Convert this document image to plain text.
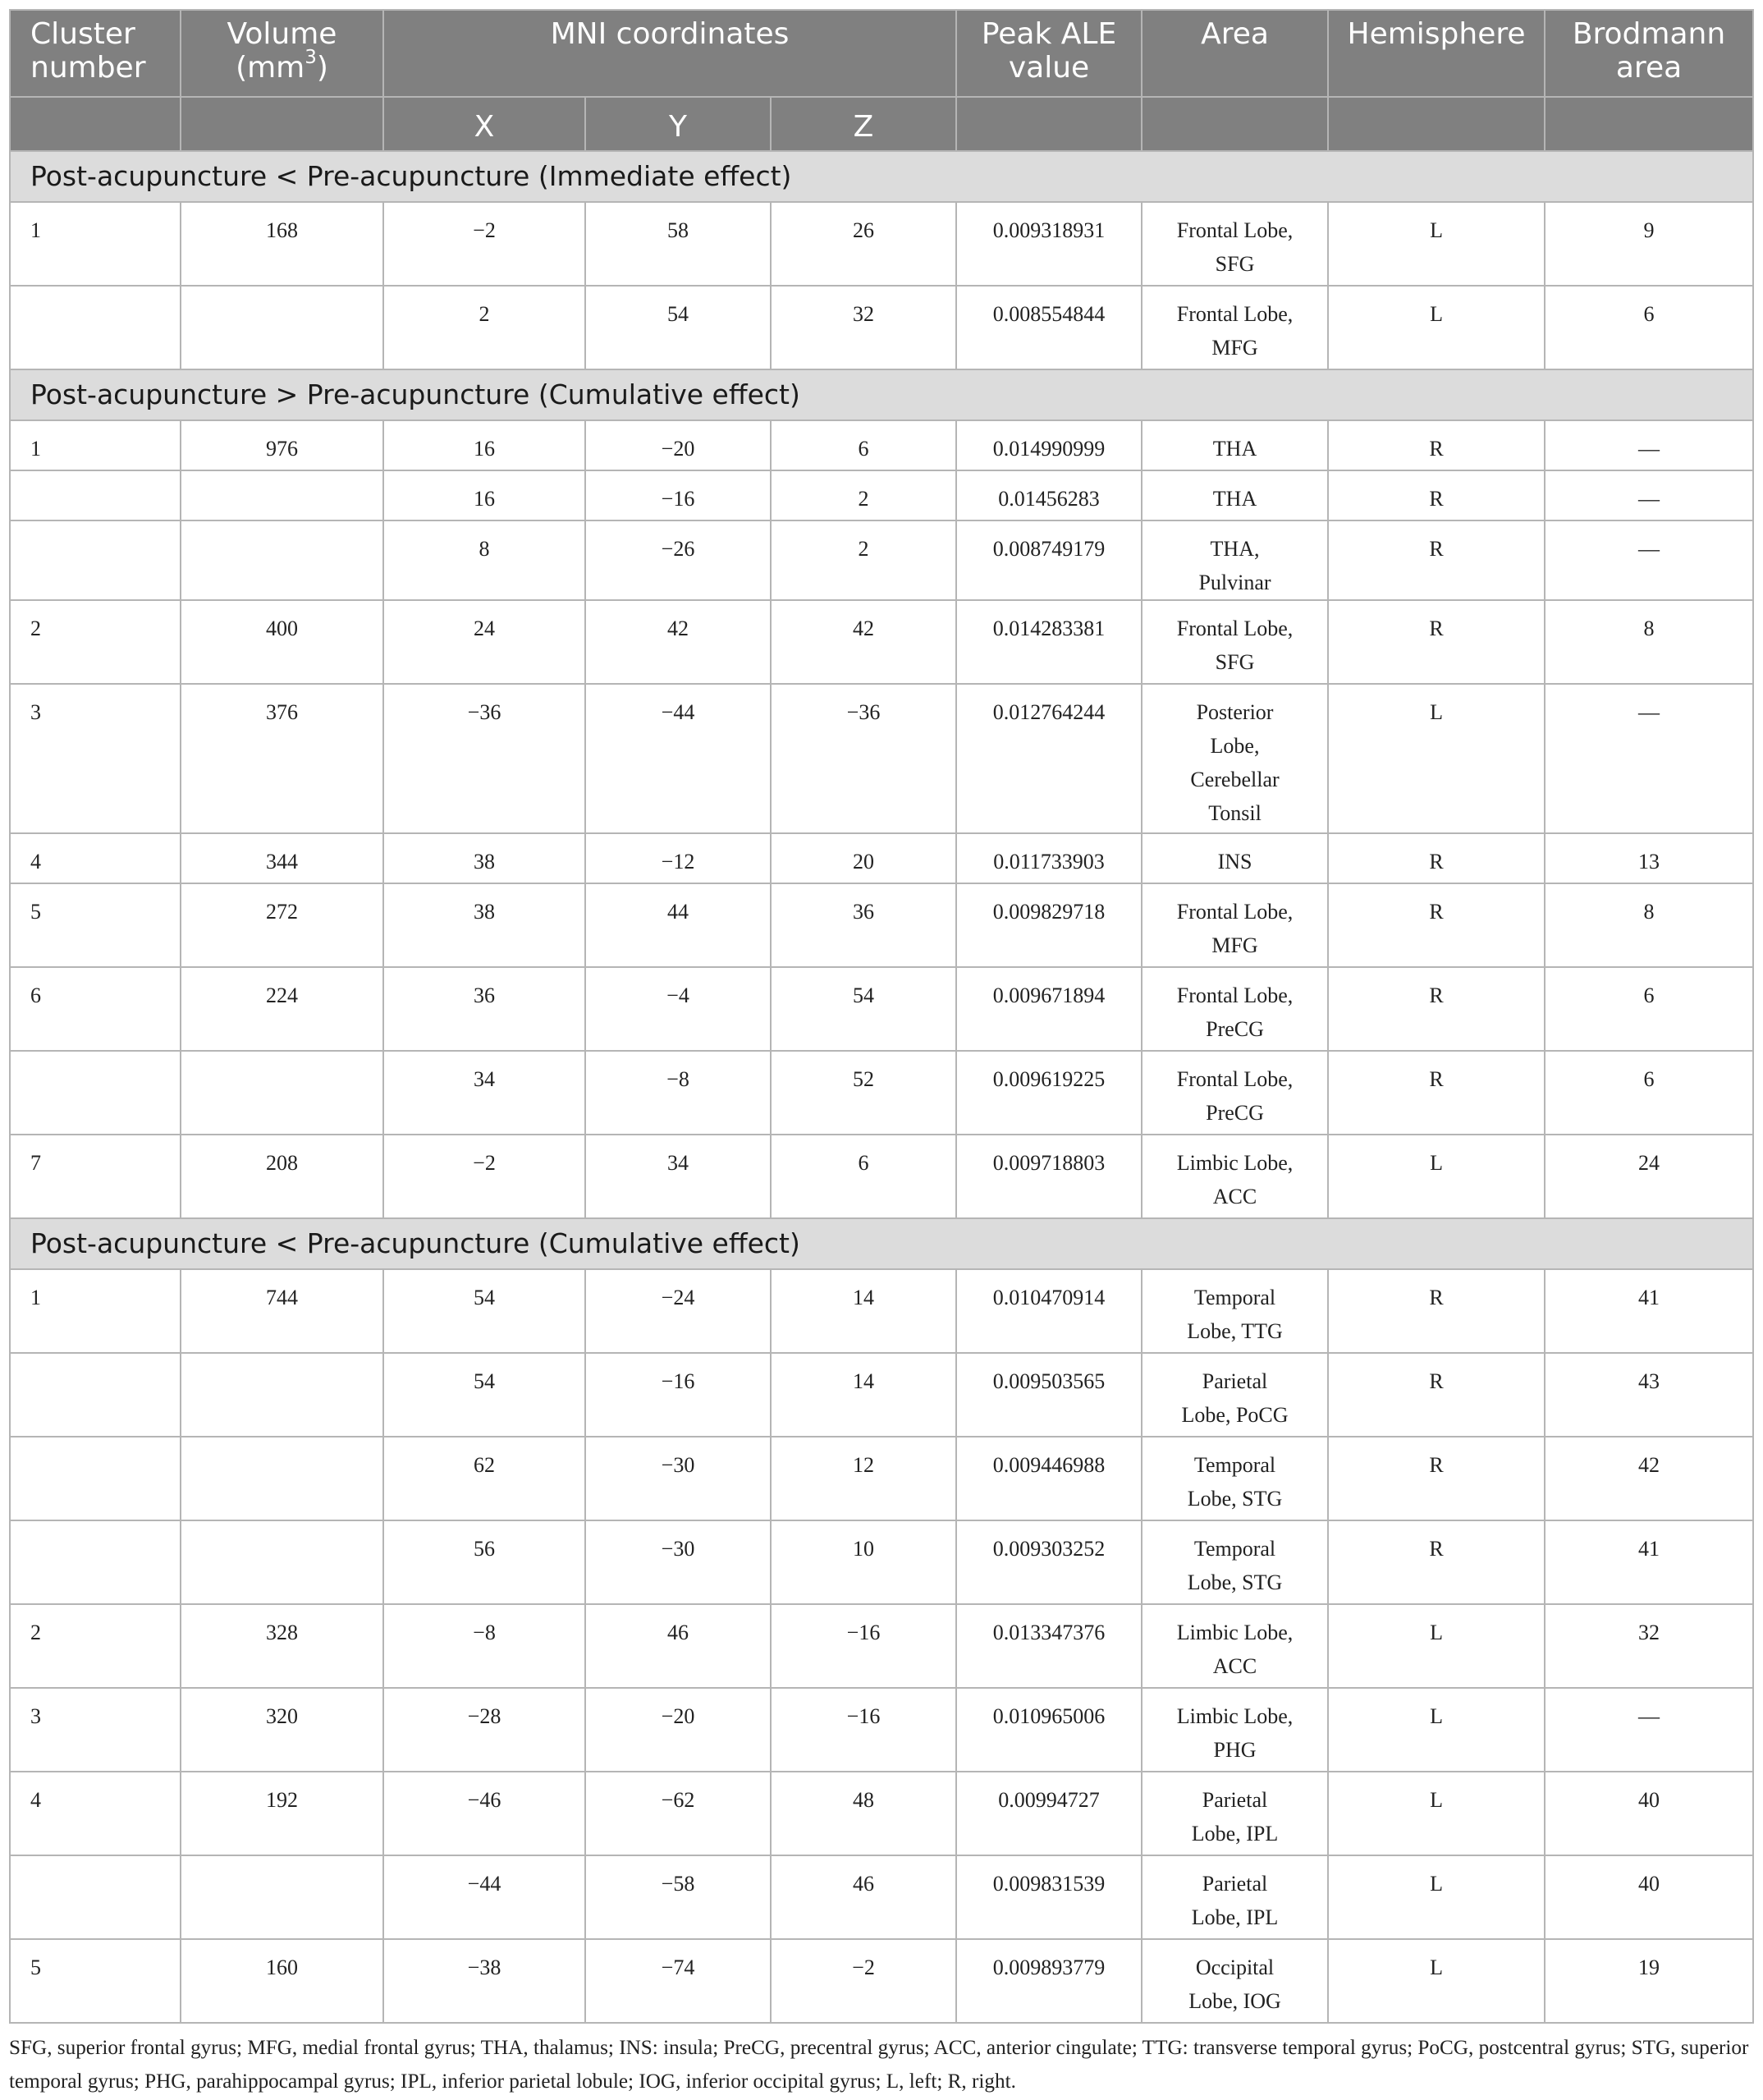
Cluster number	Volume $(mm^3)$	MNI coordinates			Peak ALE value	Area	Hemisphere	Brodmann area
		X	Y	Z				
Post-acupuncture < Pre-acupuncture (Immediate effect)								
1	168	−2	58	26	0.009318931	Frontal Lobe, SFG	L	9
		2	54	32	0.008554844	Frontal Lobe, MFG	L	6
Post-acupuncture > Pre-acupuncture (Cumulative effect)								
1	976	16	−20	6	0.014990999	THA	R	—
		16	−16	2	0.01456283	THA	R	—
		8	−26	2	0.008749179	THA, Pulvinar	R	—
2	400	24	42	42	0.014283381	Frontal Lobe, SFG	R	8
3	376	−36	−44	−36	0.012764244	Posterior Lobe, Cerebellar Tonsil	L	—
4	344	38	−12	20	0.011733903	INS	R	13
5	272	38	44	36	0.009829718	Frontal Lobe, MFG	R	8
6	224	36	−4	54	0.009671894	Frontal Lobe, PreCG	R	6
		34	−8	52	0.009619225	Frontal Lobe, PreCG	R	6
7	208	−2	34	6	0.009718803	Limbic Lobe, ACC	L	24
Post-acupuncture < Pre-acupuncture (Cumulative effect)								
1	744	54	−24	14	0.010470914	Temporal Lobe, TTG	R	41
		54	−16	14	0.009503565	Parietal Lobe, PoCG	R	43
		62	−30	12	0.009446988	Temporal Lobe, STG	R	42
		56	−30	10	0.009303252	Temporal Lobe, STG	R	41
2	328	−8	46	−16	0.013347376	Limbic Lobe, ACC	L	32
3	320	−28	−20	−16	0.010965006	Limbic Lobe, PHG	L	—
4	192	−46	−62	48	0.00994727	Parietal Lobe, IPL	L	40
		−44	−58	46	0.009831539	Parietal Lobe, IPL	L	40
5	160	−38	−74	−2	0.009893779	Occipital Lobe, IOG	L	19
SFG, superior frontal gyrus; MFG, medial frontal gyrus; THA, thalamus; INS: insula; PreCG, precentral gyrus; ACC, anterior cingulate; TTG: transverse temporal gyrus; PoCG, postcentral gyrus; STG, superior temporal gyrus; PHG, parahippocampal gyrus; IPL, inferior parietal lobule; IOG, inferior occipital gyrus; L, left; R, right.
